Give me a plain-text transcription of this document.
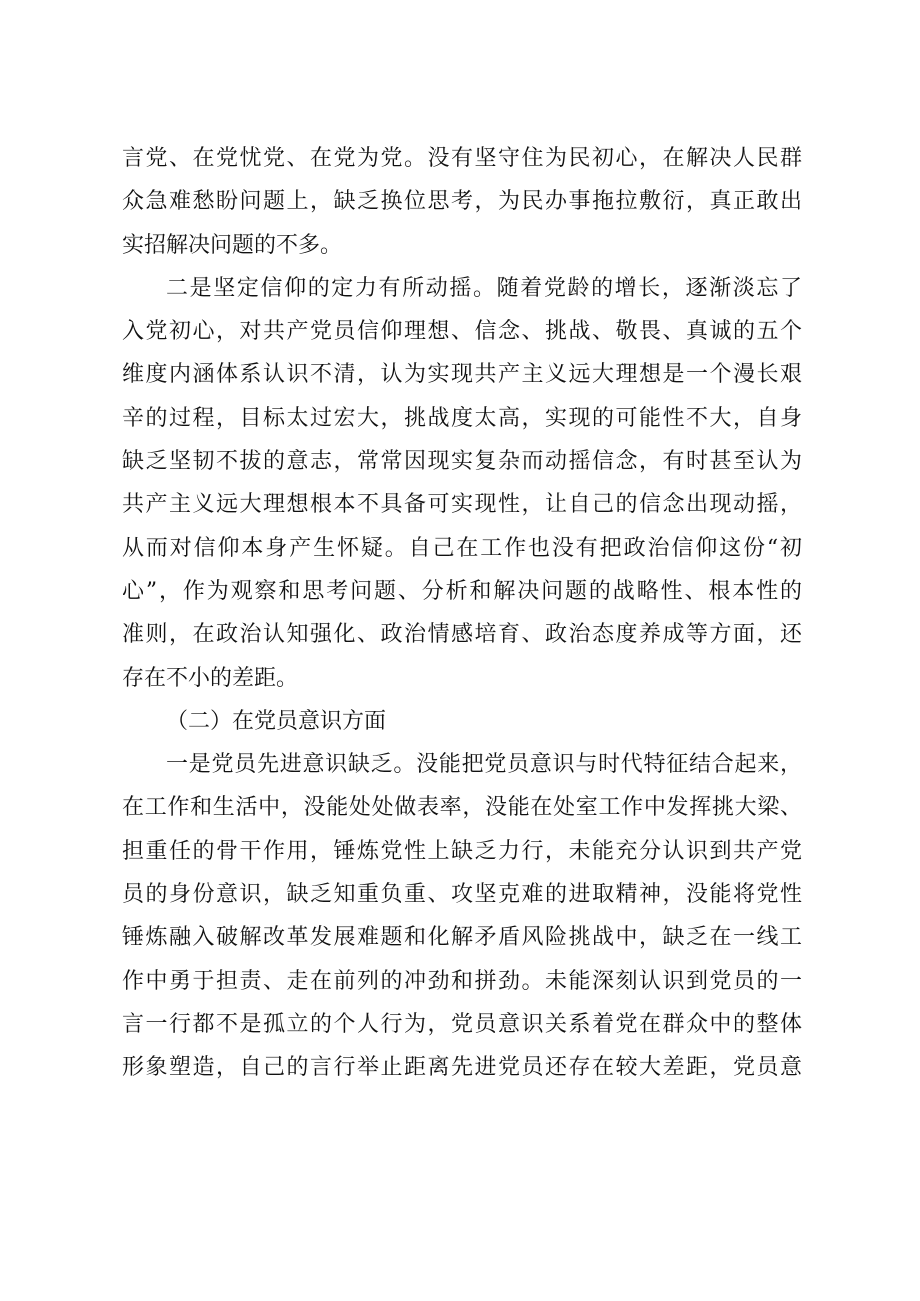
言党、在党忧党、在党为党。没有坚守住为民初心，在解决人民群
众急难愁盼问题上，缺乏换位思考，为民办事拖拉敷衍，真正敢出
实招解决问题的不多。
二是坚定信仰的定力有所动摇。随着党龄的增长，逐渐淡忘了
入党初心，对共产党员信仰理想、信念、挑战、敬畏、真诚的五个
维度内涵体系认识不清，认为实现共产主义远大理想是一个漫长艰
辛的过程，目标太过宏大，挑战度太高，实现的可能性不大，自身
缺乏坚韧不拔的意志，常常因现实复杂而动摇信念，有时甚至认为
共产主义远大理想根本不具备可实现性，让自己的信念出现动摇，
从而对信仰本身产生怀疑。自己在工作也没有把政治信仰这份“初
心”，作为观察和思考问题、分析和解决问题的战略性、根本性的
准则，在政治认知强化、政治情感培育、政治态度养成等方面，还
存在不小的差距。
（二）在党员意识方面
一是党员先进意识缺乏。没能把党员意识与时代特征结合起来，
在工作和生活中，没能处处做表率，没能在处室工作中发挥挑大梁、
担重任的骨干作用，锤炼党性上缺乏力行，未能充分认识到共产党
员的身份意识，缺乏知重负重、攻坚克难的进取精神，没能将党性
锤炼融入破解改革发展难题和化解矛盾风险挑战中，缺乏在一线工
作中勇于担责、走在前列的冲劲和拼劲。未能深刻认识到党员的一
言一行都不是孤立的个人行为，党员意识关系着党在群众中的整体
形象塑造，自己的言行举止距离先进党员还存在较大差距，党员意
